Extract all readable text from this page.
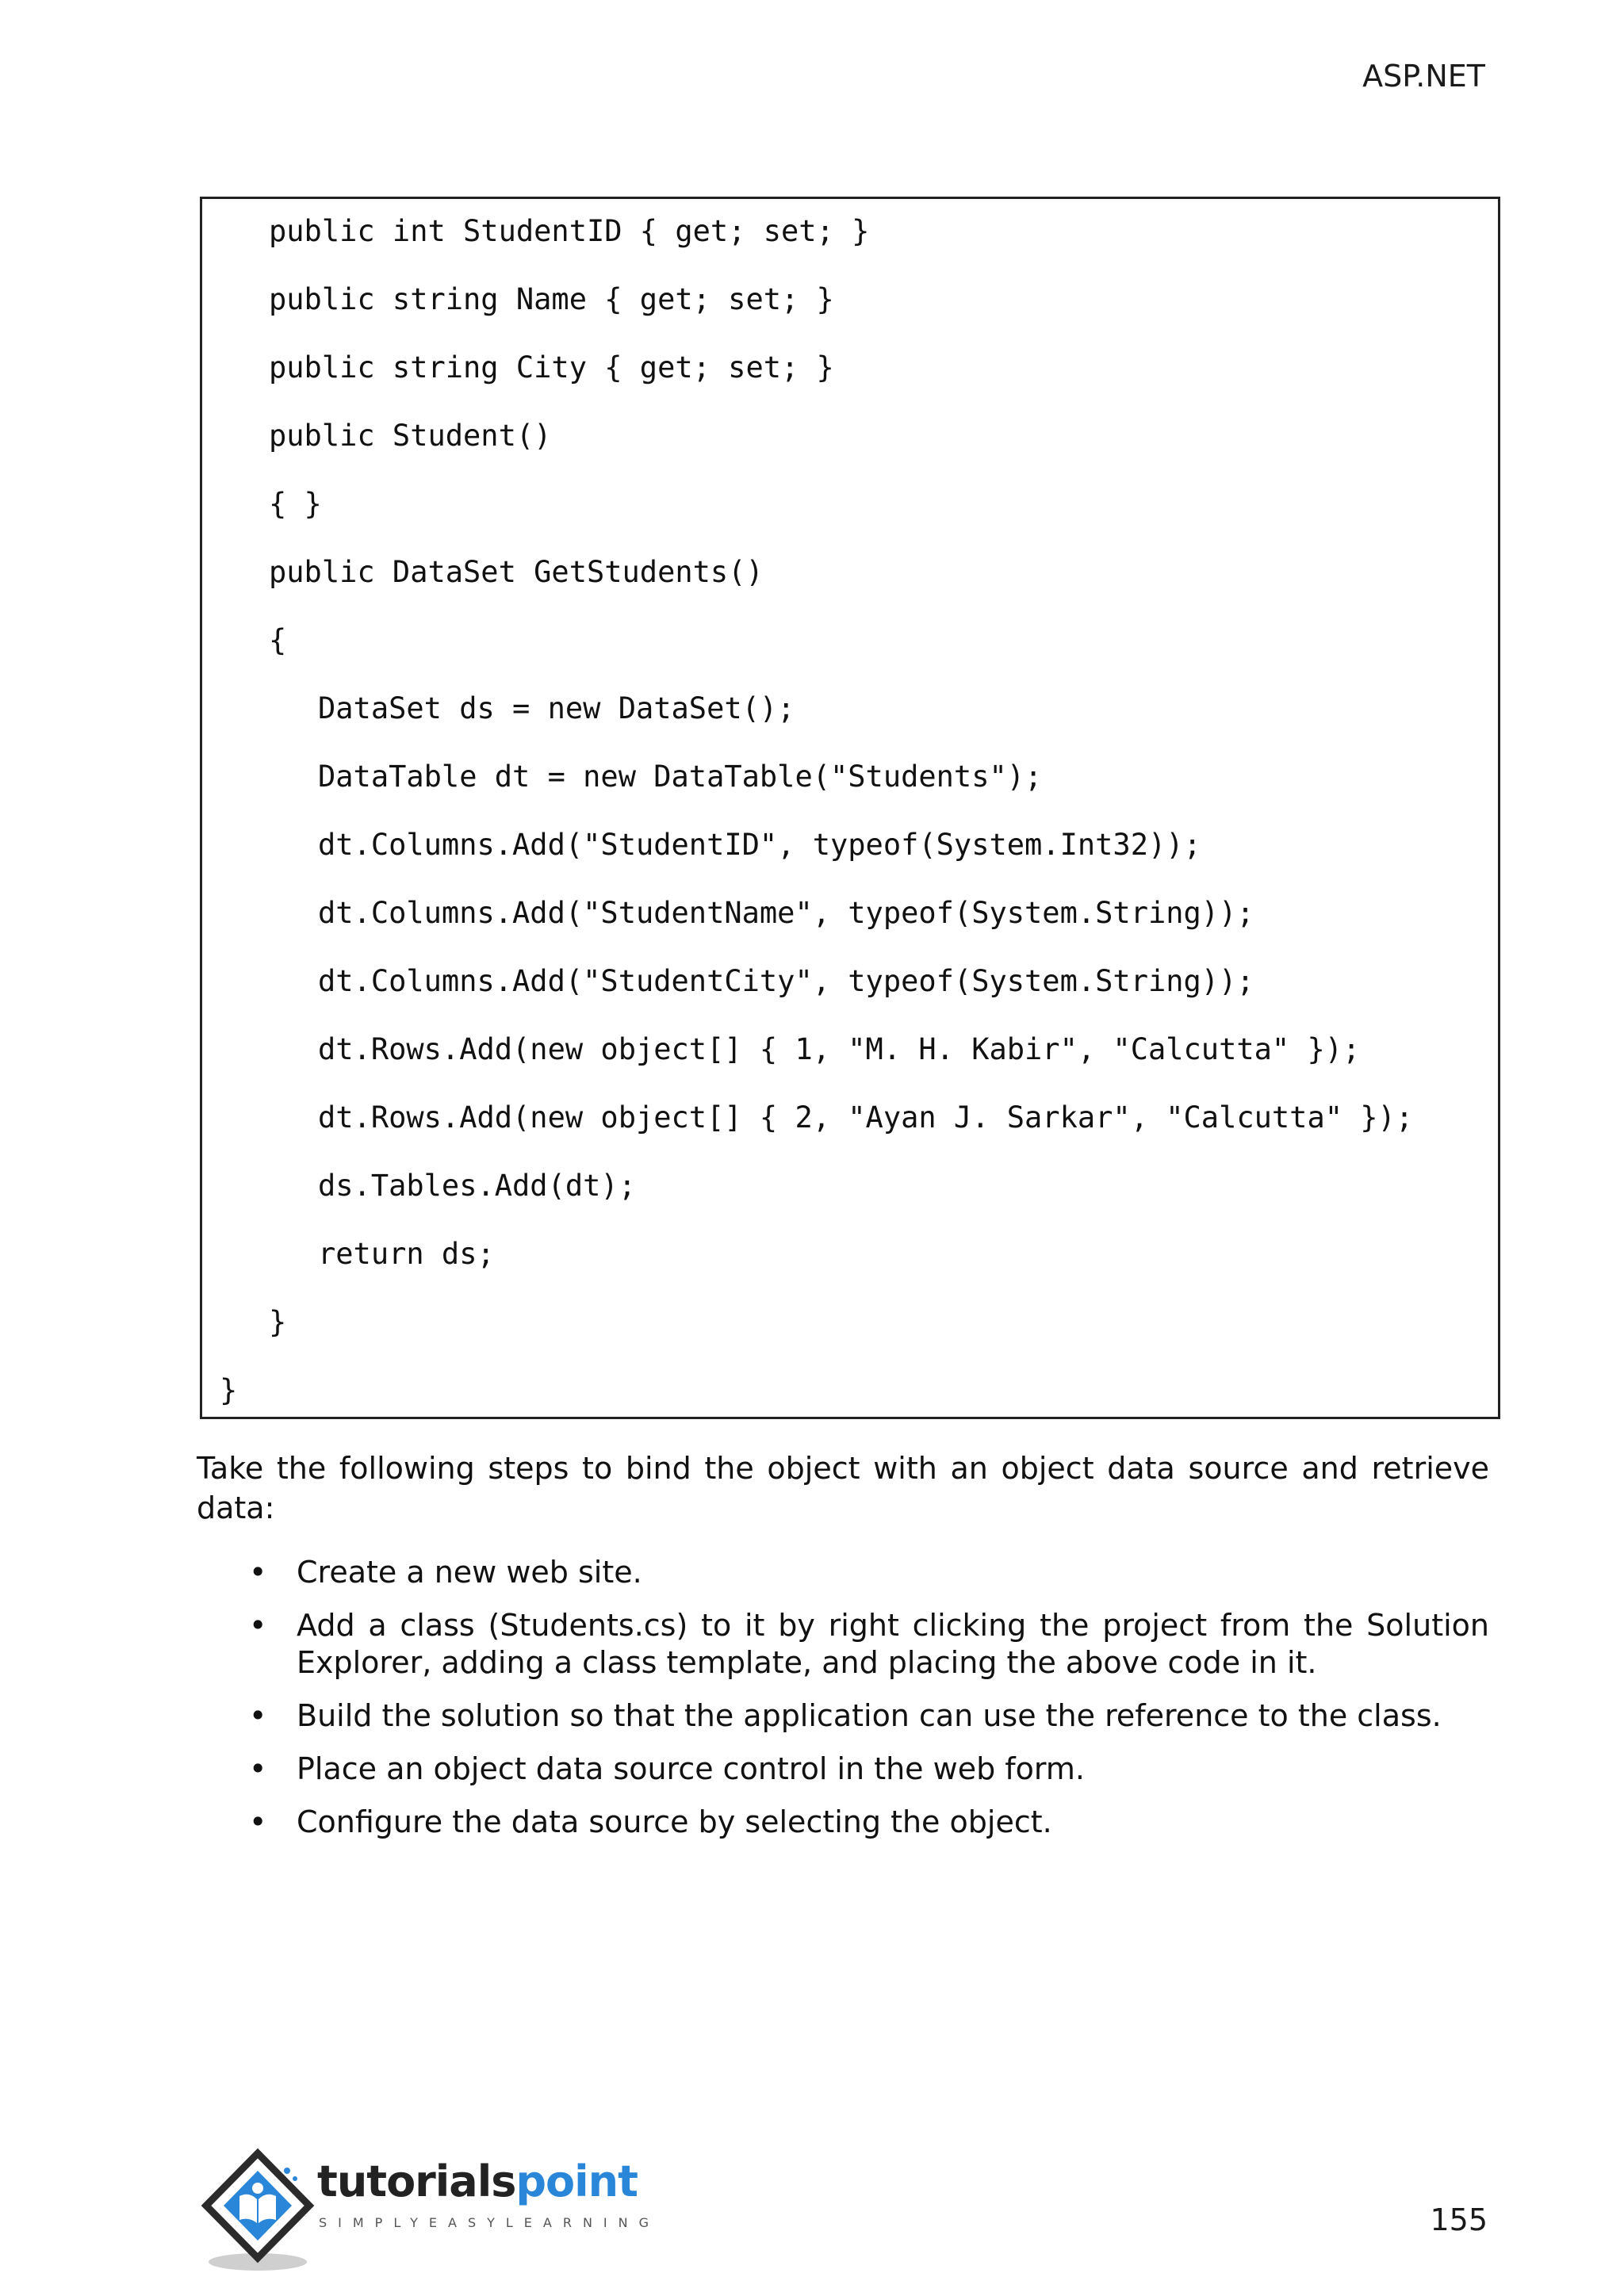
ASP.NET
public int StudentID { get; set; }
public string Name { get; set; }
public string City { get; set; }
public Student()
{ }
public DataSet GetStudents()
{
DataSet ds = new DataSet();
DataTable dt = new DataTable("Students");
dt.Columns.Add("StudentID", typeof(System.Int32));
dt.Columns.Add("StudentName", typeof(System.String));
dt.Columns.Add("StudentCity", typeof(System.String));
dt.Rows.Add(new object[] { 1, "M. H. Kabir", "Calcutta" });
dt.Rows.Add(new object[] { 2, "Ayan J. Sarkar", "Calcutta" });
ds.Tables.Add(dt);
return ds;
}
}
Take the following steps to bind the object with an object data source and retrieve data:
• Create a new web site.
• Add a class (Students.cs) to it by right clicking the project from the Solution Explorer, adding a class template, and placing the above code in it.
• Build the solution so that the application can use the reference to the class.
• Place an object data source control in the web form.
• Configure the data source by selecting the object.
tutorialspoint
SIMPLYEASYLEARNING	155
